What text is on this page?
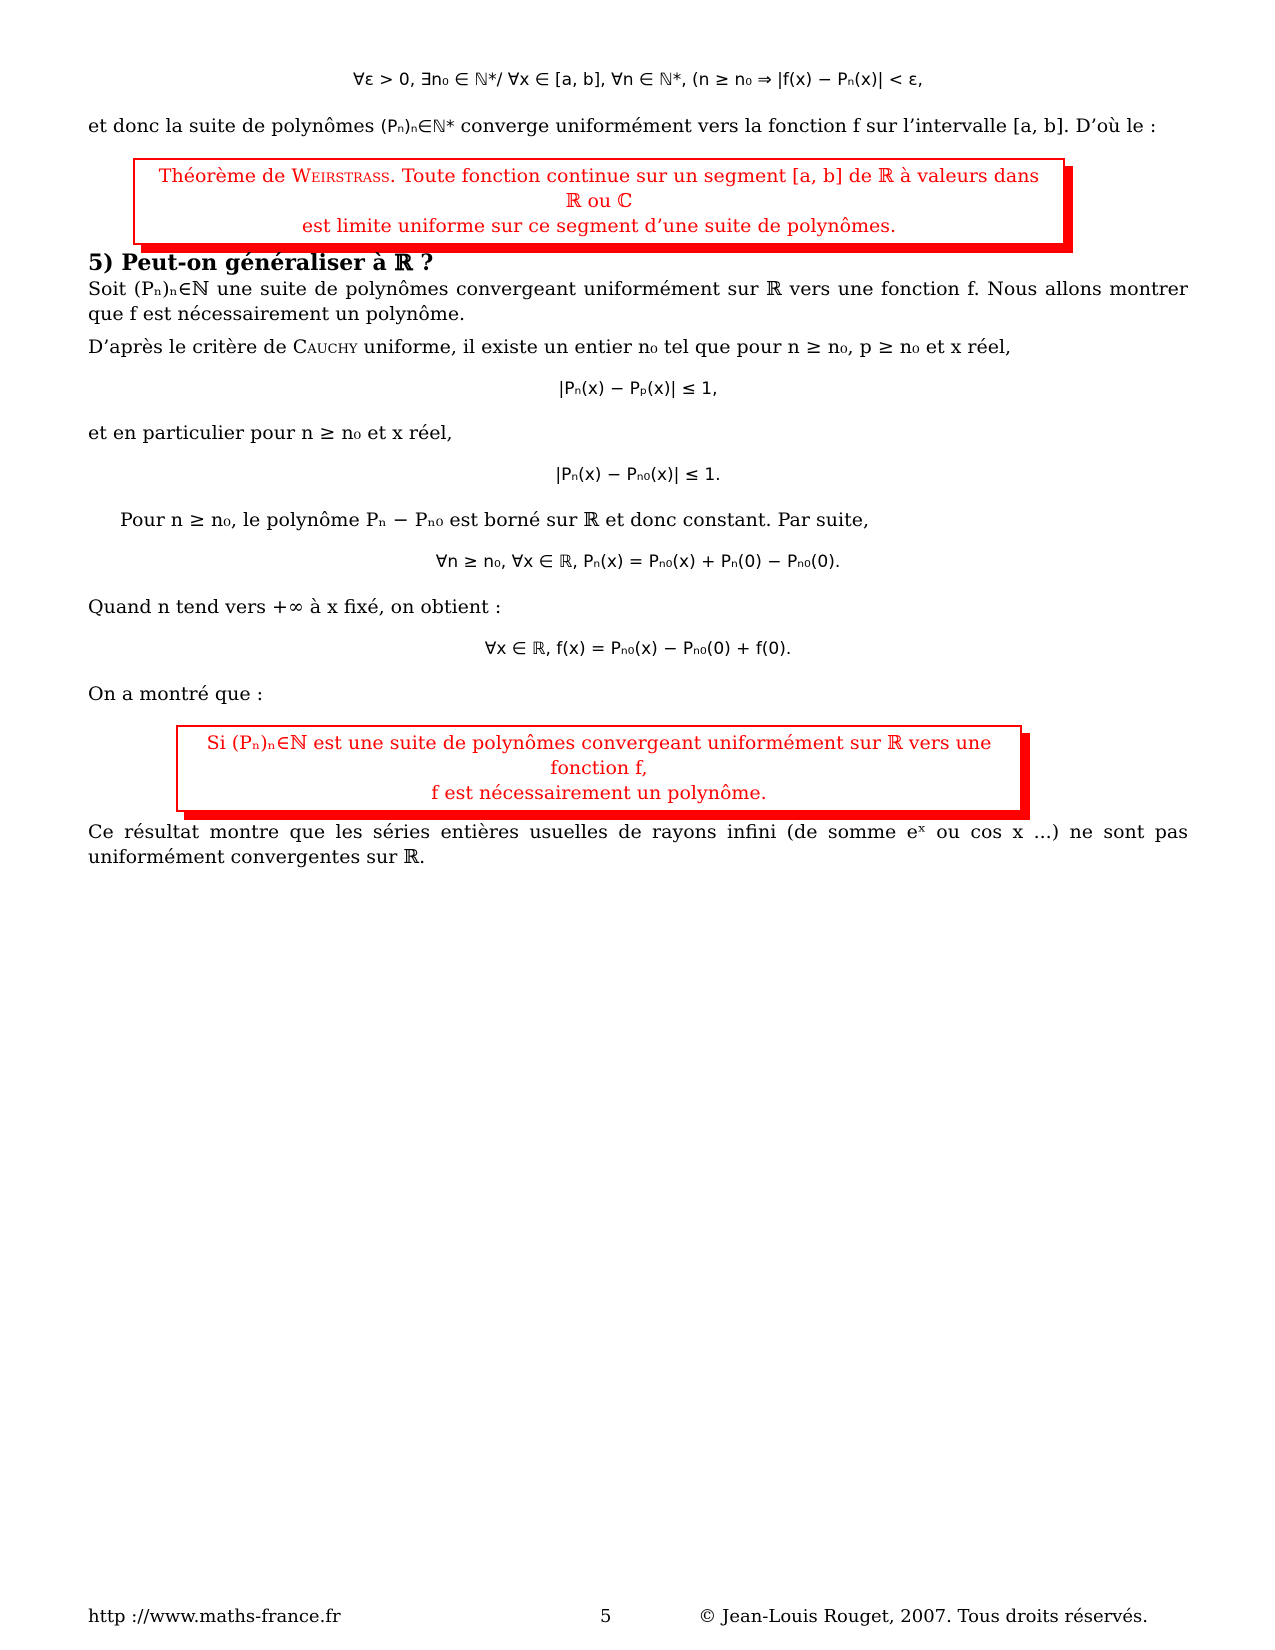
∀ε > 0, ∃n₀ ∈ ℕ*/ ∀x ∈ [a, b], ∀n ∈ ℕ*, (n ≥ n₀ ⇒ |f(x) − Pₙ(x)| < ε,
et donc la suite de polynômes (Pₙ)ₙ∈ℕ* converge uniformément vers la fonction f sur l’intervalle [a, b]. D’où le :
Théorème de Weirstrass. Toute fonction continue sur un segment [a, b] de ℝ à valeurs dans ℝ ou ℂ
est limite uniforme sur ce segment d’une suite de polynômes.
5) Peut-on généraliser à ℝ ?
Soit (Pₙ)ₙ∈ℕ une suite de polynômes convergeant uniformément sur ℝ vers une fonction f. Nous allons montrer que f est nécessairement un polynôme.
D’après le critère de Cauchy uniforme, il existe un entier n₀ tel que pour n ≥ n₀, p ≥ n₀ et x réel,
|Pₙ(x) − Pₚ(x)| ≤ 1,
et en particulier pour n ≥ n₀ et x réel,
|Pₙ(x) − Pₙ₀(x)| ≤ 1.
Pour n ≥ n₀, le polynôme Pₙ − Pₙ₀ est borné sur ℝ et donc constant. Par suite,
∀n ≥ n₀, ∀x ∈ ℝ, Pₙ(x) = Pₙ₀(x) + Pₙ(0) − Pₙ₀(0).
Quand n tend vers +∞ à x fixé, on obtient :
∀x ∈ ℝ, f(x) = Pₙ₀(x) − Pₙ₀(0) + f(0).
On a montré que :
Si (Pₙ)ₙ∈ℕ est une suite de polynômes convergeant uniformément sur ℝ vers une fonction f,
f est nécessairement un polynôme.
Ce résultat montre que les séries entières usuelles de rayons infini (de somme eˣ ou cos x ...) ne sont pas uniformément convergentes sur ℝ.
http ://www.maths-france.fr	5	© Jean-Louis Rouget, 2007. Tous droits réservés.
